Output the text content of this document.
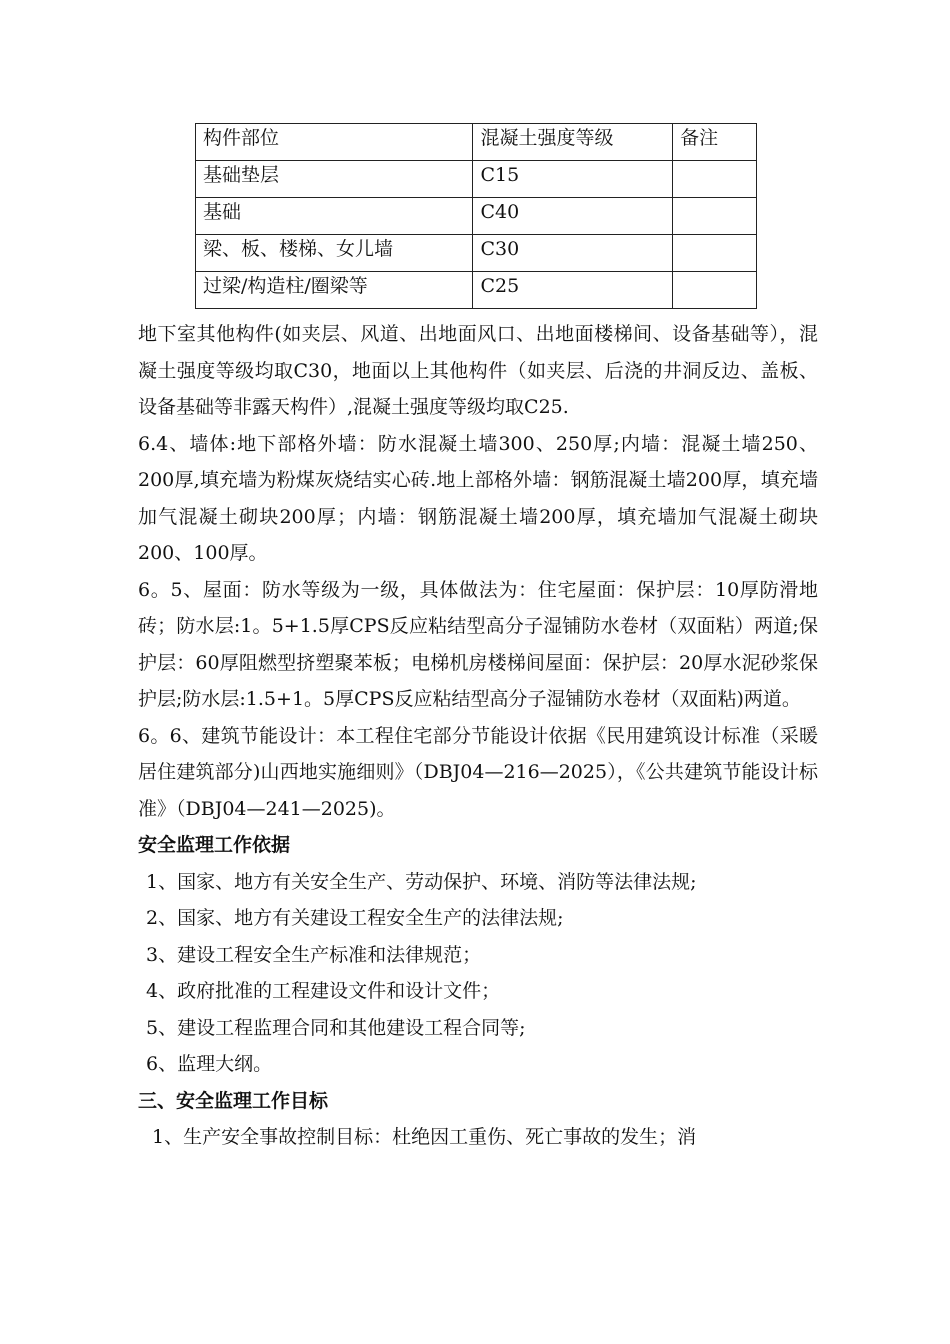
构件部位	混凝土强度等级	备注
基础垫层	C15	
基础	C40	
梁、板、楼梯、女儿墙	C30	
过梁/构造柱/圈梁等	C25	

地下室其他构件(如夹层、风道、出地面风口、出地面楼梯间、设备基础等），混凝土强度等级均取C30，地面以上其他构件（如夹层、后浇的井洞反边、盖板、设备基础等非露天构件）,混凝土强度等级均取C25.

6.4、墙体:地下部格外墙：防水混凝土墙300、250厚;内墙：混凝土墙250、200厚,填充墙为粉煤灰烧结实心砖.地上部格外墙：钢筋混凝土墙200厚，填充墙加气混凝土砌块200厚；内墙：钢筋混凝土墙200厚，填充墙加气混凝土砌块200、100厚。

6。5、屋面：防水等级为一级，具体做法为：住宅屋面：保护层：10厚防滑地砖；防水层:1。5+1.5厚CPS反应粘结型高分子湿铺防水卷材（双面粘）两道;保护层：60厚阻燃型挤塑聚苯板；电梯机房楼梯间屋面：保护层：20厚水泥砂浆保护层;防水层:1.5+1。5厚CPS反应粘结型高分子湿铺防水卷材（双面粘)两道。

6。6、建筑节能设计：本工程住宅部分节能设计依据《民用建筑设计标准（采暖居住建筑部分)山西地实施细则》（DBJ04—216—2025），《公共建筑节能设计标准》（DBJ04—241—2025)。

安全监理工作依据

1、国家、地方有关安全生产、劳动保护、环境、消防等法律法规;

2、国家、地方有关建设工程安全生产的法律法规;

3、建设工程安全生产标准和法律规范；

4、政府批准的工程建设文件和设计文件；

5、建设工程监理合同和其他建设工程合同等;

6、监理大纲。

三、安全监理工作目标

1、生产安全事故控制目标：杜绝因工重伤、死亡事故的发生；消
